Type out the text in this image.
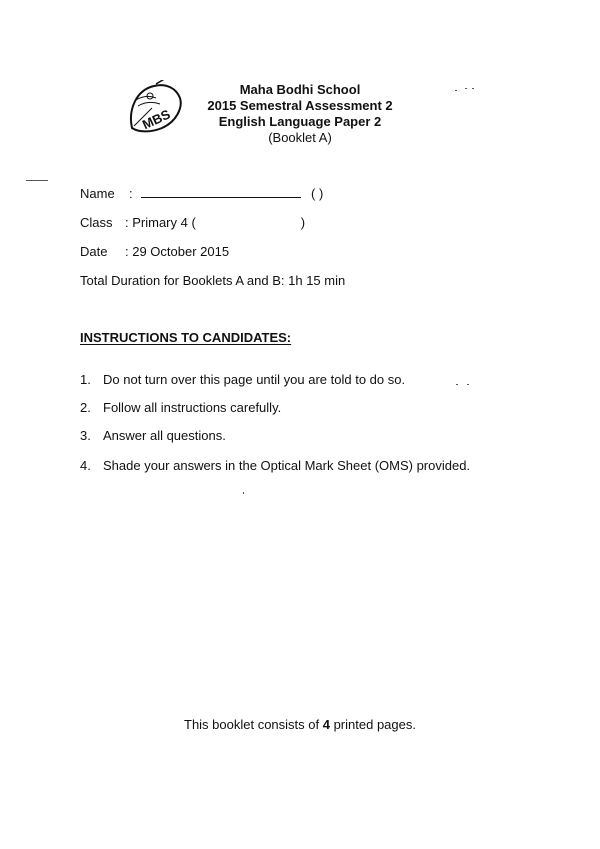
MBS
Maha Bodhi School
2015 Semestral Assessment 2
English Language Paper 2
(Booklet A)
Name :	( )
Class : Primary 4 (	)
Date : 29 October 2015
Total Duration for Booklets A and B: 1h 15 min
INSTRUCTIONS TO CANDIDATES:
1. Do not turn over this page until you are told to do so.
2. Follow all instructions carefully.
3. Answer all questions.
4. Shade your answers in the Optical Mark Sheet (OMS) provided.
This booklet consists of 4 printed pages.
